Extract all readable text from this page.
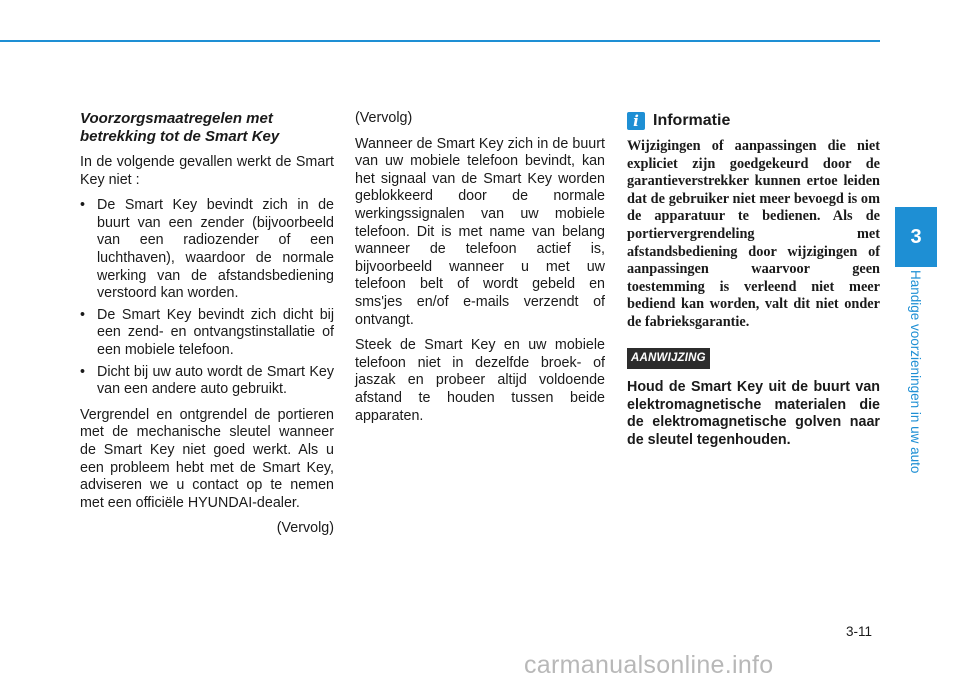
Voorzorgsmaatregelen met betrekking tot de Smart Key

In de volgende gevallen werkt de Smart Key niet :

• De Smart Key bevindt zich in de buurt van een zender (bijvoorbeeld van een radiozender of een luchthaven), waardoor de normale werking van de afstandsbediening verstoord kan worden.
• De Smart Key bevindt zich dicht bij een zend- en ontvangstinstallatie of een mobiele telefoon.
• Dicht bij uw auto wordt de Smart Key van een andere auto gebruikt.

Vergrendel en ontgrendel de portieren met de mechanische sleutel wanneer de Smart Key niet goed werkt. Als u een probleem hebt met de Smart Key, adviseren we u contact op te nemen met een officiële HYUNDAI-dealer.

(Vervolg)

(Vervolg)

Wanneer de Smart Key zich in de buurt van uw mobiele telefoon bevindt, kan het signaal van de Smart Key worden geblokkeerd door de normale werkingssignalen van uw mobiele telefoon. Dit is met name van belang wanneer de telefoon actief is, bijvoorbeeld wanneer u met uw telefoon belt of wordt gebeld en sms'jes en/of e-mails verzendt of ontvangt.

Steek de Smart Key en uw mobiele telefoon niet in dezelfde broek- of jaszak en probeer altijd voldoende afstand te houden tussen beide apparaten.

i Informatie

Wijzigingen of aanpassingen die niet expliciet zijn goedgekeurd door de garantieverstrekker kunnen ertoe leiden dat de gebruiker niet meer bevoegd is om de apparatuur te bedienen. Als de portiervergrendeling met afstandsbediening door wijzigingen of aanpassingen waarvoor geen toestemming is verleend niet meer bediend kan worden, valt dit niet onder de fabrieksgarantie.

AANWIJZING

Houd de Smart Key uit de buurt van elektromagnetische materialen die de elektromagnetische golven naar de sleutel tegenhouden.

3
Handige voorzieningen in uw auto
3-11
carmanualsonline.info
